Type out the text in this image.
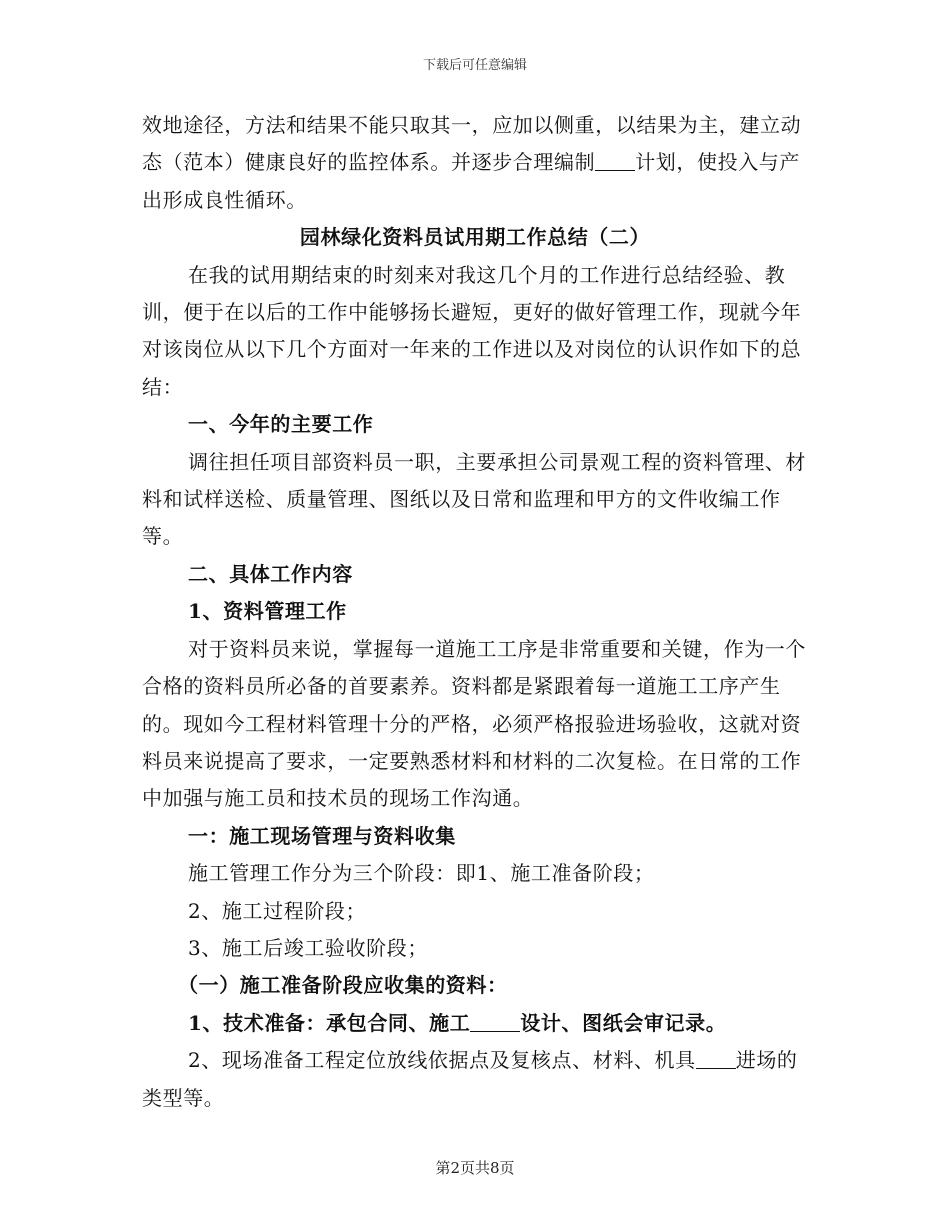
下载后可任意编辑

效地途径，方法和结果不能只取其一，应加以侧重，以结果为主，建立动态（范本）健康良好的监控体系。并逐步合理编制 计划，使投入与产出形成良性循环。

园林绿化资料员试用期工作总结（二）

在我的试用期结束的时刻来对我这几个月的工作进行总结经验、教训，便于在以后的工作中能够扬长避短，更好的做好管理工作，现就今年对该岗位从以下几个方面对一年来的工作进以及对岗位的认识作如下的总结：

一、今年的主要工作

调往担任项目部资料员一职，主要承担公司景观工程的资料管理、材料和试样送检、质量管理、图纸以及日常和监理和甲方的文件收编工作等。

二、具体工作内容

1、资料管理工作

对于资料员来说，掌握每一道施工工序是非常重要和关键，作为一个合格的资料员所必备的首要素养。资料都是紧跟着每一道施工工序产生的。现如今工程材料管理十分的严格，必须严格报验进场验收，这就对资料员来说提高了要求，一定要熟悉材料和材料的二次复检。在日常的工作中加强与施工员和技术员的现场工作沟通。

一：施工现场管理与资料收集

施工管理工作分为三个阶段：即1、施工准备阶段；

2、施工过程阶段；

3、施工后竣工验收阶段；

（一）施工准备阶段应收集的资料：

1、技术准备：承包合同、施工	设计、图纸会审记录。

2、现场准备工程定位放线依据点及复核点、材料、机具 进场的类型等。

第2页共8页
